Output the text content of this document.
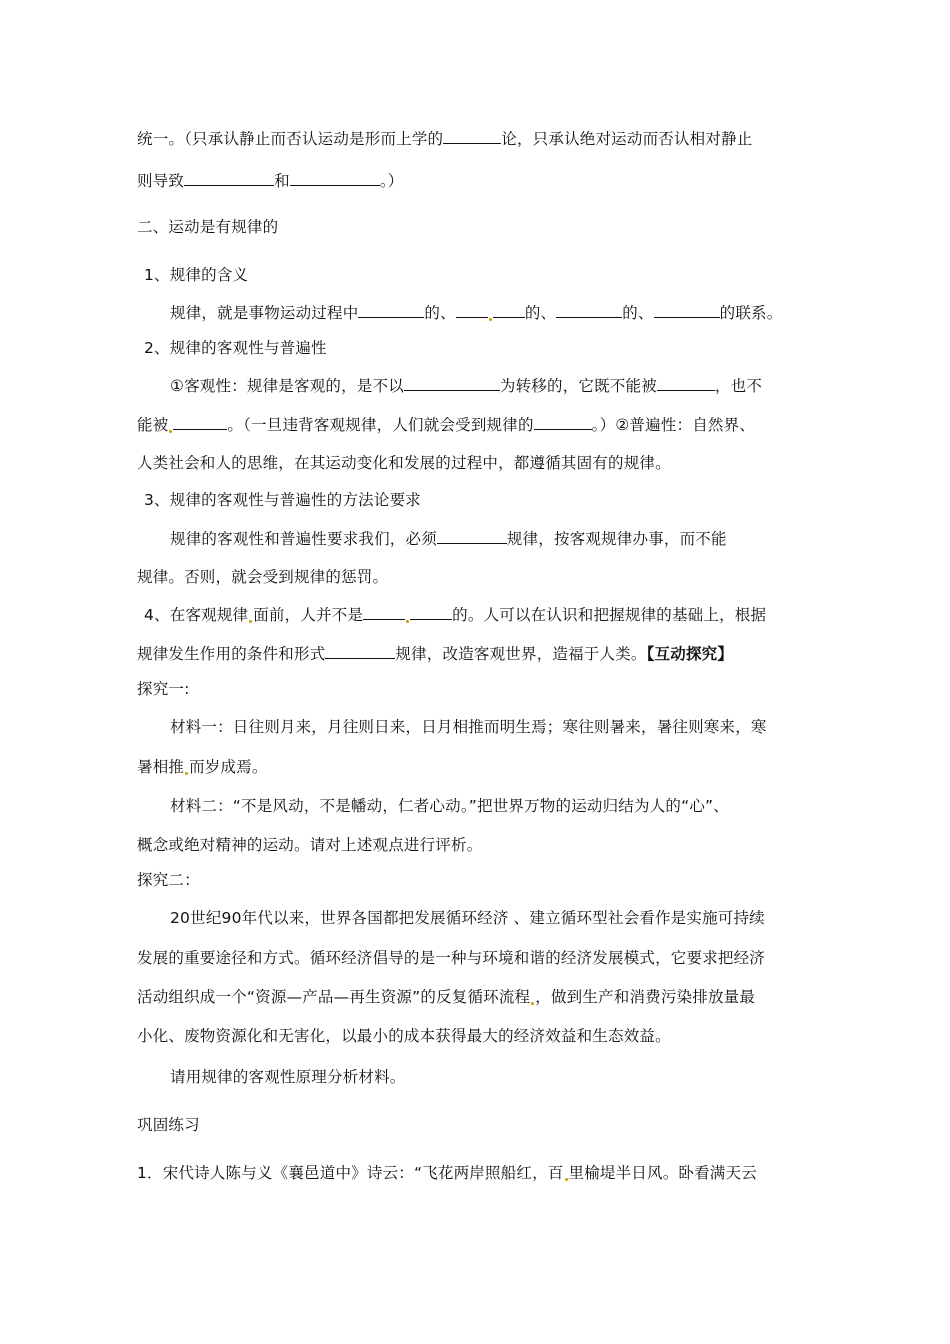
统一。（只承认静止而否认运动是形而上学的	论，只承认绝对运动而否认相对静止
则导致	和	。）
二、运动是有规律的
1、规律的含义
规律，就是事物运动过程中	的、	的、	的、	的联系。
2、规律的客观性与普遍性
①客观性：规律是客观的，是不以	为转移的，它既不能被	，也不
能被	。（一旦违背客观规律，人们就会受到规律的	。）②普遍性：自然界、
人类社会和人的思维，在其运动变化和发展的过程中，都遵循其固有的规律。
3、规律的客观性与普遍性的方法论要求
规律的客观性和普遍性要求我们，必须	规律，按客观规律办事，而不能
规律。否则，就会受到规律的惩罚。
4、在客观规律 面前，人并不是	的。人可以在认识和把握规律的基础上，根据
规律发生作用的条件和形式	规律，改造客观世界，造福于人类。【互动探究】
探究一:
材料一：日往则月来，月往则日来，日月相推而明生焉；寒往则暑来，暑往则寒来，寒
暑相推 而岁成焉。
材料二：“不是风动，不是幡动，仁者心动。”把世界万物的运动归结为人的“心”、
概念或绝对精神的运动。请对上述观点进行评析。
探究二：
20世纪90年代以来，世界各国都把发展循环经济 、建立循环型社会看作是实施可持续
发展的重要途径和方式。循环经济倡导的是一种与环境和谐的经济发展模式，它要求把经济
活动组织成一个“资源—产品—再生资源”的反复循环流程 ，做到生产和消费污染排放量最
小化、废物资源化和无害化，以最小的成本获得最大的经济效益和生态效益。
请用规律的客观性原理分析材料。
巩固练习
1．宋代诗人陈与义《襄邑道中》诗云：“飞花两岸照船红，百 里榆堤半日风。卧看满天云
